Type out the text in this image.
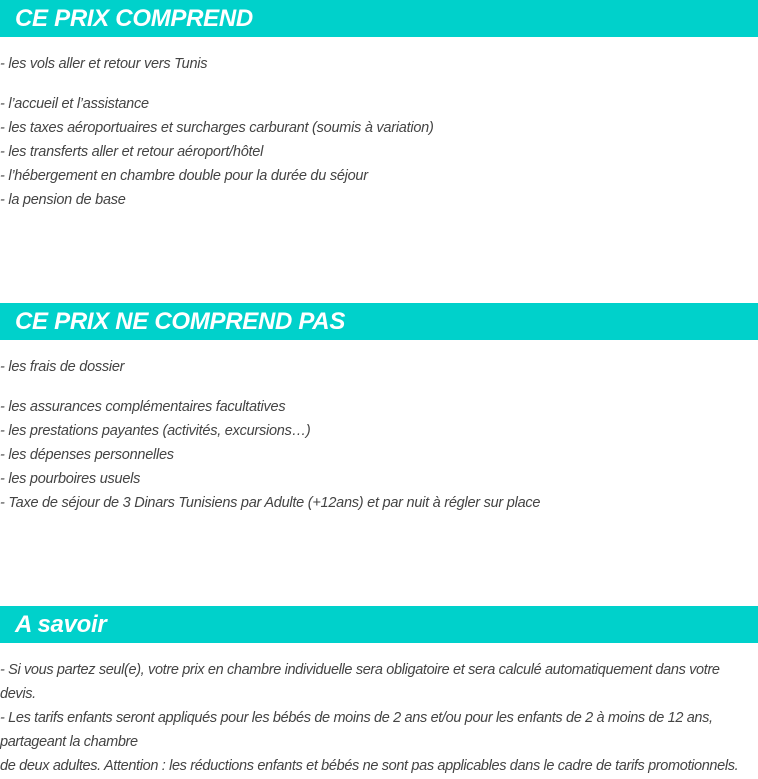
CE PRIX COMPREND
- les vols aller et retour vers Tunis
- l’accueil et l’assistance
- les taxes aéroportuaires et surcharges carburant (soumis à variation)
- les transferts aller et retour aéroport/hôtel
- l’hébergement en chambre double pour la durée du séjour
- la pension de base
CE PRIX NE COMPREND PAS
- les frais de dossier
- les assurances complémentaires facultatives
- les prestations payantes (activités, excursions…)
- les dépenses personnelles
- les pourboires usuels
- Taxe de séjour de 3 Dinars Tunisiens par Adulte (+12ans) et par nuit à régler sur place
A savoir
- Si vous partez seul(e), votre prix en chambre individuelle sera obligatoire et sera calculé automatiquement dans votre
devis.
- Les tarifs enfants seront appliqués pour les bébés de moins de 2 ans et/ou pour les enfants de 2 à moins de 12 ans,
partageant la chambre
de deux adultes. Attention : les réductions enfants et bébés ne sont pas applicables dans le cadre de tarifs promotionnels.
